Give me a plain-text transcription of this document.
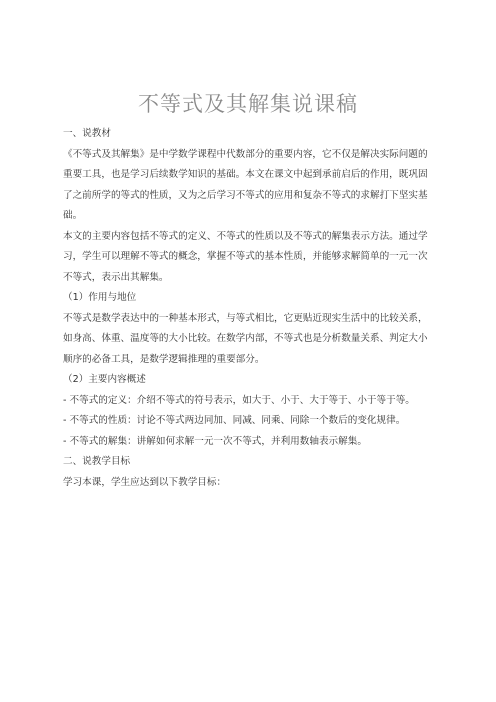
不等式及其解集说课稿

一、说教材

《不等式及其解集》是中学数学课程中代数部分的重要内容，它不仅是解决实际问题的重要工具，也是学习后续数学知识的基础。本文在课文中起到承前启后的作用，既巩固了之前所学的等式的性质，又为之后学习不等式的应用和复杂不等式的求解打下坚实基础。

本文的主要内容包括不等式的定义、不等式的性质以及不等式的解集表示方法。通过学习，学生可以理解不等式的概念，掌握不等式的基本性质，并能够求解简单的一元一次不等式，表示出其解集。

（1）作用与地位

不等式是数学表达中的一种基本形式，与等式相比，它更贴近现实生活中的比较关系，如身高、体重、温度等的大小比较。在数学内部，不等式也是分析数量关系、判定大小顺序的必备工具，是数学逻辑推理的重要部分。

（2）主要内容概述

- 不等式的定义：介绍不等式的符号表示，如大于、小于、大于等于、小于等于等。

- 不等式的性质：讨论不等式两边同加、同减、同乘、同除一个数后的变化规律。

- 不等式的解集：讲解如何求解一元一次不等式，并利用数轴表示解集。

二、说教学目标

学习本课，学生应达到以下教学目标：
